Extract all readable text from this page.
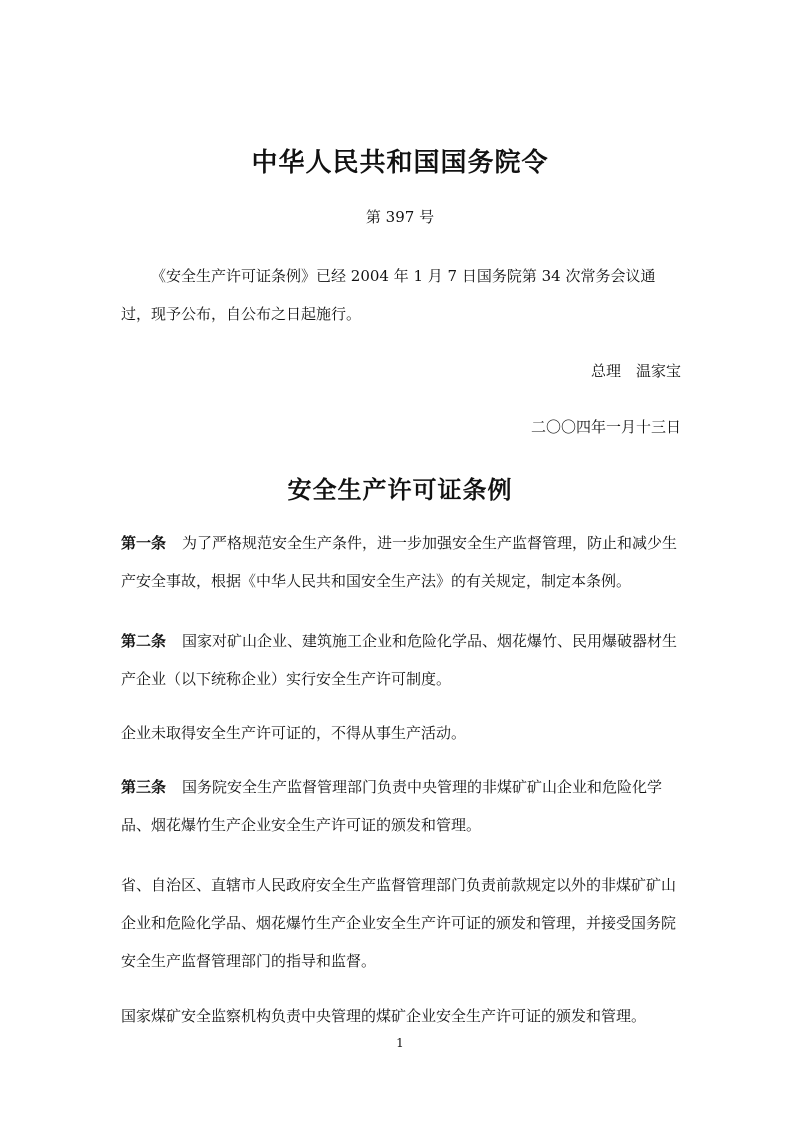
中华人民共和国国务院令
第 397 号
《安全生产许可证条例》已经 2004 年 1 月 7 日国务院第 34 次常务会议通过，现予公布，自公布之日起施行。
总理　温家宝
二〇〇四年一月十三日
安全生产许可证条例
第一条 为了严格规范安全生产条件，进一步加强安全生产监督管理，防止和减少生产安全事故，根据《中华人民共和国安全生产法》的有关规定，制定本条例。
第二条 国家对矿山企业、建筑施工企业和危险化学品、烟花爆竹、民用爆破器材生产企业（以下统称企业）实行安全生产许可制度。
企业未取得安全生产许可证的，不得从事生产活动。
第三条 国务院安全生产监督管理部门负责中央管理的非煤矿矿山企业和危险化学品、烟花爆竹生产企业安全生产许可证的颁发和管理。
省、自治区、直辖市人民政府安全生产监督管理部门负责前款规定以外的非煤矿矿山企业和危险化学品、烟花爆竹生产企业安全生产许可证的颁发和管理，并接受国务院安全生产监督管理部门的指导和监督。
国家煤矿安全监察机构负责中央管理的煤矿企业安全生产许可证的颁发和管理。
1
